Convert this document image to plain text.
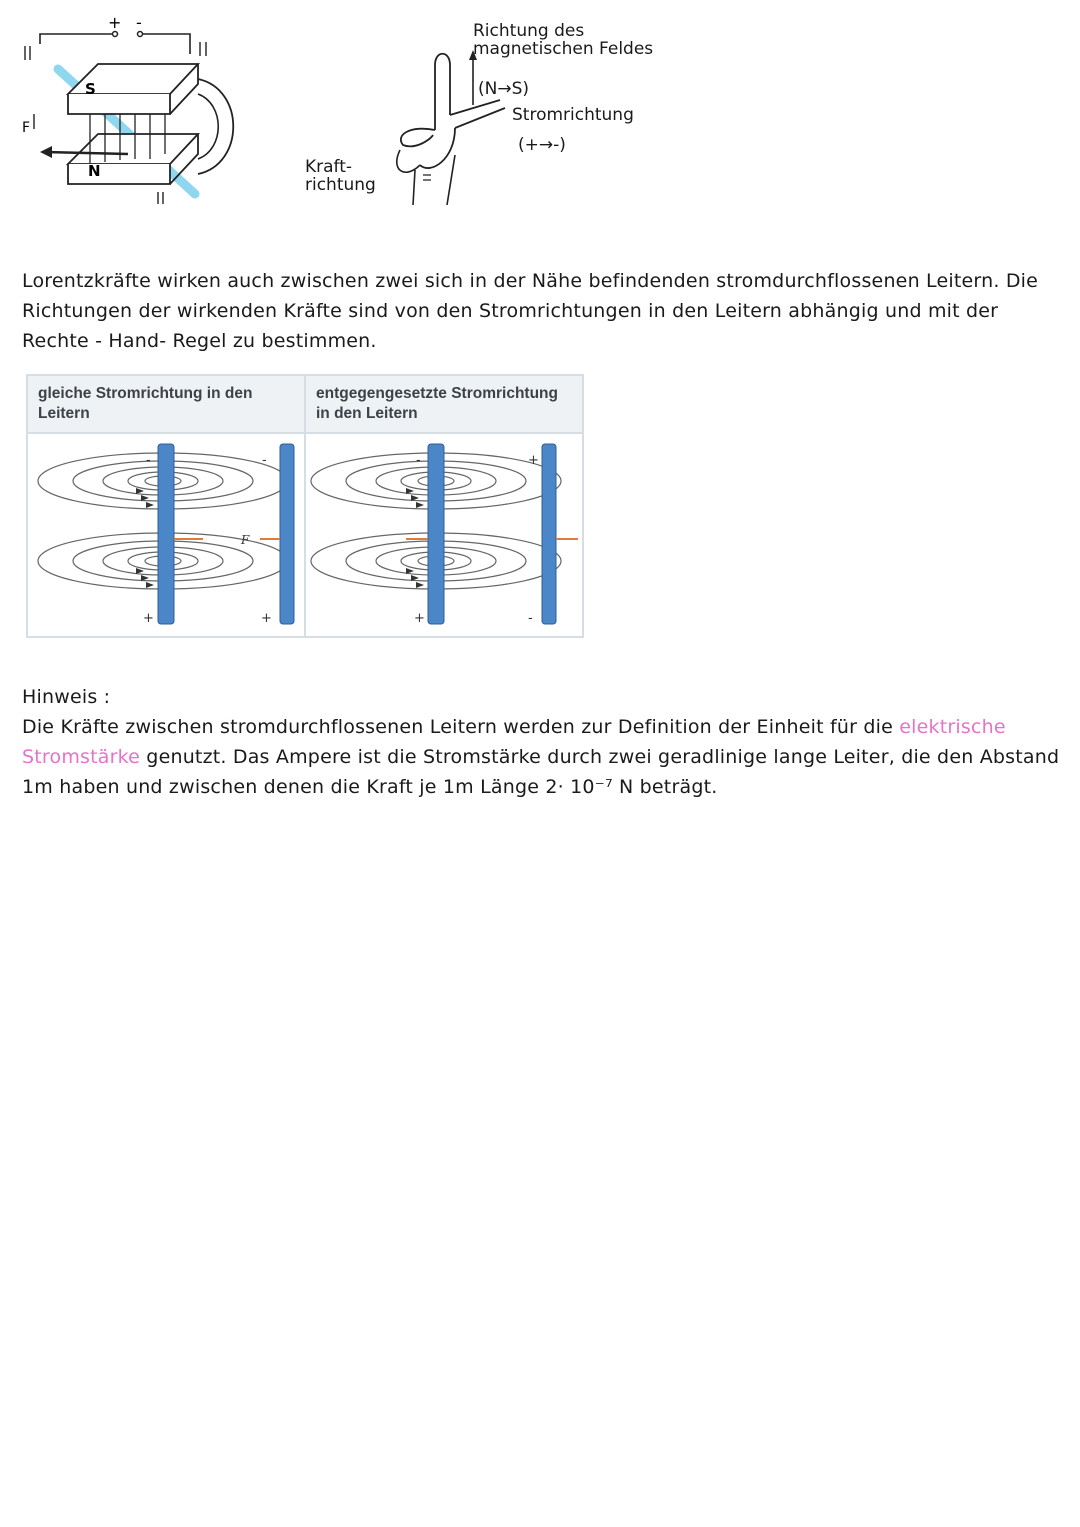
+ -
F
S
N
Richtung des
magnetischen Feldes
(N→S)
Stromrichtung
(+→-)
Kraft-
richtung
Lorentzkräfte wirken auch zwischen zwei sich in der Nähe befindenden stromdurchflossenen Leitern. Die
Richtungen der wirkenden Kräfte sind von den Stromrichtungen in den Leitern abhängig und mit der
Rechte - Hand- Regel zu bestimmen.
gleiche Stromrichtung in den Leitern
entgegengesetzte Stromrichtung in den Leitern
F
-	-
+	+
-	+
+	-
Hinweis :
Die Kräfte zwischen stromdurchflossenen Leitern werden zur Definition der Einheit für die elektrische
Stromstärke genutzt. Das Ampere ist die Stromstärke durch zwei geradlinige lange Leiter, die den Abstand
1m haben und zwischen denen die Kraft je 1m Länge 2· 10⁻⁷ N beträgt.
